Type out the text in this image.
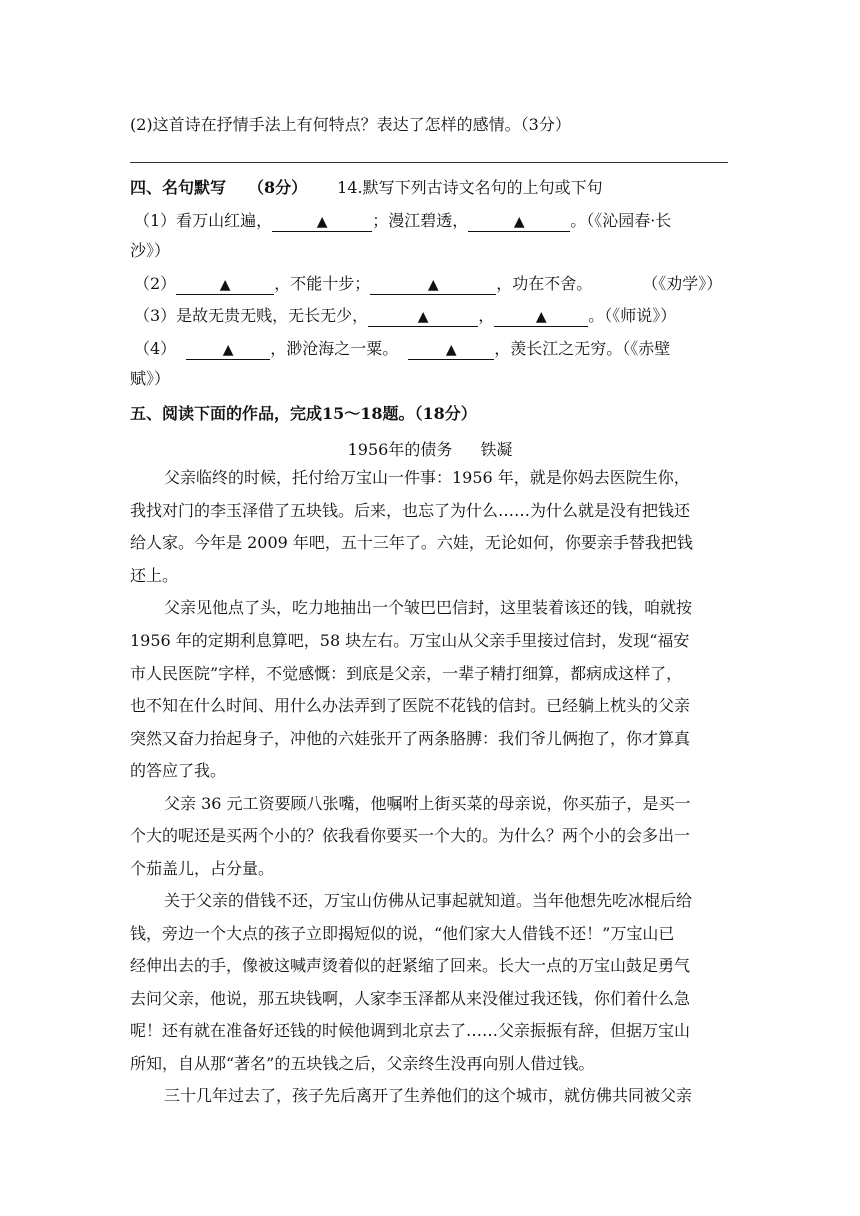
(2)这首诗在抒情手法上有何特点？表达了怎样的感情。（3分）
四、名句默写 （8分） 14.默写下列古诗文名句的上句或下句
（1）看万山红遍，	▲	；漫江碧透，	▲	。（《沁园春·长
沙》）
（2）	▲	，不能十步；	▲	，功在不舍。	（《劝学》）
（3）是故无贵无贱，无长无少，	▲	，	▲	。（《师说》）
（4）	▲ ，渺沧海之一粟。	▲ ，羡长江之无穷。（《赤壁
赋》）
五、阅读下面的作品，完成15～18题。（18分）
1956年的债务 铁凝
父亲临终的时候，托付给万宝山一件事：1956 年，就是你妈去医院生你，
我找对门的李玉泽借了五块钱。后来，也忘了为什么……为什么就是没有把钱还
给人家。今年是 2009 年吧，五十三年了。六娃，无论如何，你要亲手替我把钱
还上。
父亲见他点了头，吃力地抽出一个皱巴巴信封，这里装着该还的钱，咱就按
1956 年的定期利息算吧，58 块左右。万宝山从父亲手里接过信封，发现“福安
市人民医院”字样，不觉感慨：到底是父亲，一辈子精打细算，都病成这样了，
也不知在什么时间、用什么办法弄到了医院不花钱的信封。已经躺上枕头的父亲
突然又奋力抬起身子，冲他的六娃张开了两条胳膊：我们爷儿俩抱了，你才算真
的答应了我。
父亲 36 元工资要顾八张嘴，他嘱咐上街买菜的母亲说，你买茄子，是买一
个大的呢还是买两个小的？依我看你要买一个大的。为什么？两个小的会多出一
个茄盖儿，占分量。
关于父亲的借钱不还，万宝山仿佛从记事起就知道。当年他想先吃冰棍后给
钱，旁边一个大点的孩子立即揭短似的说，“他们家大人借钱不还！”万宝山已
经伸出去的手，像被这喊声烫着似的赶紧缩了回来。长大一点的万宝山鼓足勇气
去问父亲，他说，那五块钱啊，人家李玉泽都从来没催过我还钱，你们着什么急
呢！还有就在准备好还钱的时候他调到北京去了……父亲振振有辞，但据万宝山
所知，自从那“著名”的五块钱之后，父亲终生没再向别人借过钱。
三十几年过去了，孩子先后离开了生养他们的这个城市，就仿佛共同被父亲
